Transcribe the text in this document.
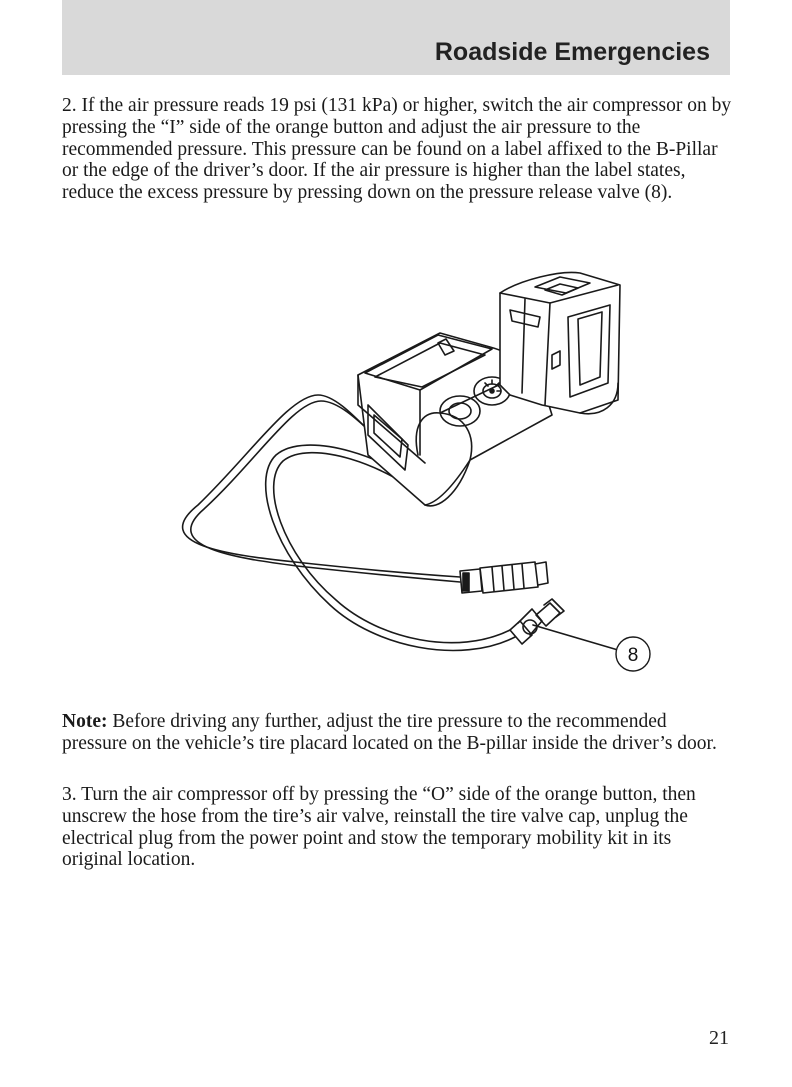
Roadside Emergencies

2. If the air pressure reads 19 psi (131 kPa) or higher, switch the air compressor on by pressing the “I” side of the orange button and adjust the air pressure to the recommended pressure. This pressure can be found on a label affixed to the B-Pillar or the edge of the driver’s door. If the air pressure is higher than the label states, reduce the excess pressure by pressing down on the pressure release valve (8).

8

Note: Before driving any further, adjust the tire pressure to the recommended pressure on the vehicle’s tire placard located on the B-pillar inside the driver’s door.

3. Turn the air compressor off by pressing the “O” side of the orange button, then unscrew the hose from the tire’s air valve, reinstall the tire valve cap, unplug the electrical plug from the power point and stow the temporary mobility kit in its original location.

21
